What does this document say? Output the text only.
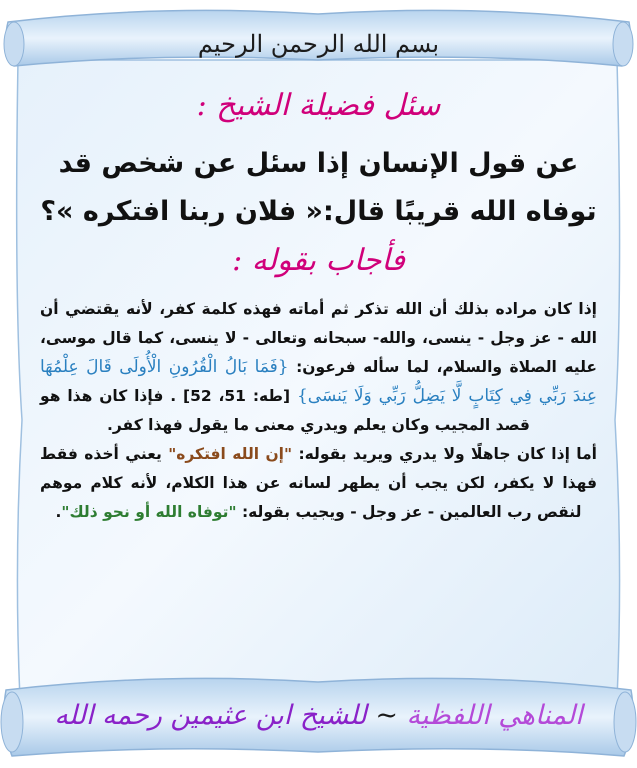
بسم الله الرحمن الرحيم
سئل فضيلة الشيخ :
عن قول الإنسان إذا سئل عن شخص قد
توفاه الله قريبًا قال:« فلان ربنا افتكره »؟
فأجاب بقوله :

إذا كان مراده بذلك أن الله تذكر ثم أماته فهذه كلمة كفر، لأنه يقتضي أن الله - عز وجل - ينسى، والله- سبحانه وتعالى - لا ينسى، كما قال موسى، عليه الصلاة والسلام، لما سأله فرعون: {فَمَا بَالُ الْقُرُونِ الْأُولَى قَالَ عِلْمُهَا عِندَ رَبِّي فِي كِتَابٍ لَّا يَضِلُّ رَبِّي وَلَا يَنسَى} [طه: 51، 52] . فإذا كان هذا هو قصد المجيب وكان يعلم ويدري معنى ما يقول فهذا كفر.

أما إذا كان جاهلًا ولا يدري ويريد بقوله: "إن الله افتكره" يعني أخذه فقط فهذا لا يكفر، لكن يجب أن يطهر لسانه عن هذا الكلام، لأنه كلام موهم لنقص رب العالمين - عز وجل - ويجيب بقوله: "توفاه الله أو نحو ذلك".

المناهي اللفظية ~ للشيخ ابن عثيمين رحمه الله
